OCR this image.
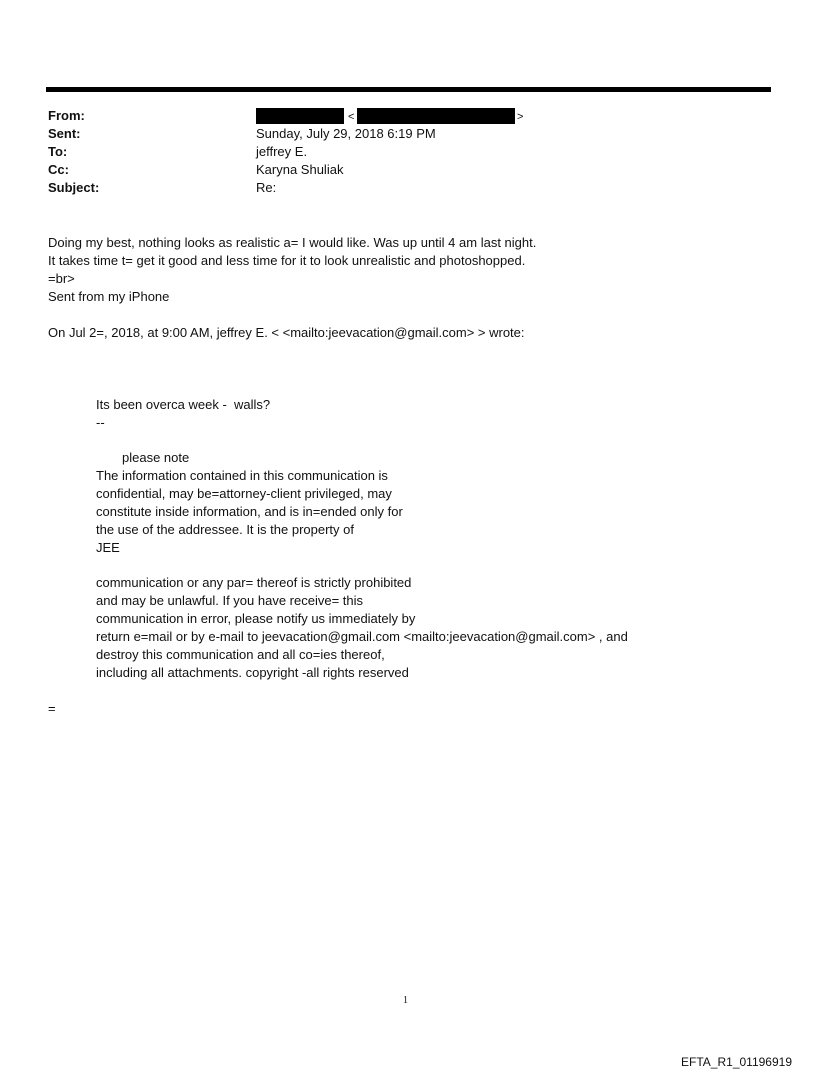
From:
Sent:
To:
Cc:
Subject:
<	>
Sunday, July 29, 2018 6:19 PM
jeffrey E.
Karyna Shuliak
Re:
Doing my best, nothing looks as realistic a= I would like. Was up until 4 am last night.
It takes time t= get it good and less time for it to look unrealistic and photoshopped.
=br>
Sent from my iPhone
On Jul 2=, 2018, at 9:00 AM, jeffrey E. < <mailto:jeevacation@gmail.com> > wrote:
Its been overca week -  walls?
--
please note
The information contained in this communication is
confidential, may be=attorney-client privileged, may
constitute inside information, and is in=ended only for
the use of the addressee. It is the property of
JEE
communication or any par= thereof is strictly prohibited
and may be unlawful. If you have receive= this
communication in error, please notify us immediately by
return e=mail or by e-mail to jeevacation@gmail.com <mailto:jeevacation@gmail.com> , and
destroy this communication and all co=ies thereof,
including all attachments. copyright -all rights reserved
=
1
EFTA_R1_01196919
